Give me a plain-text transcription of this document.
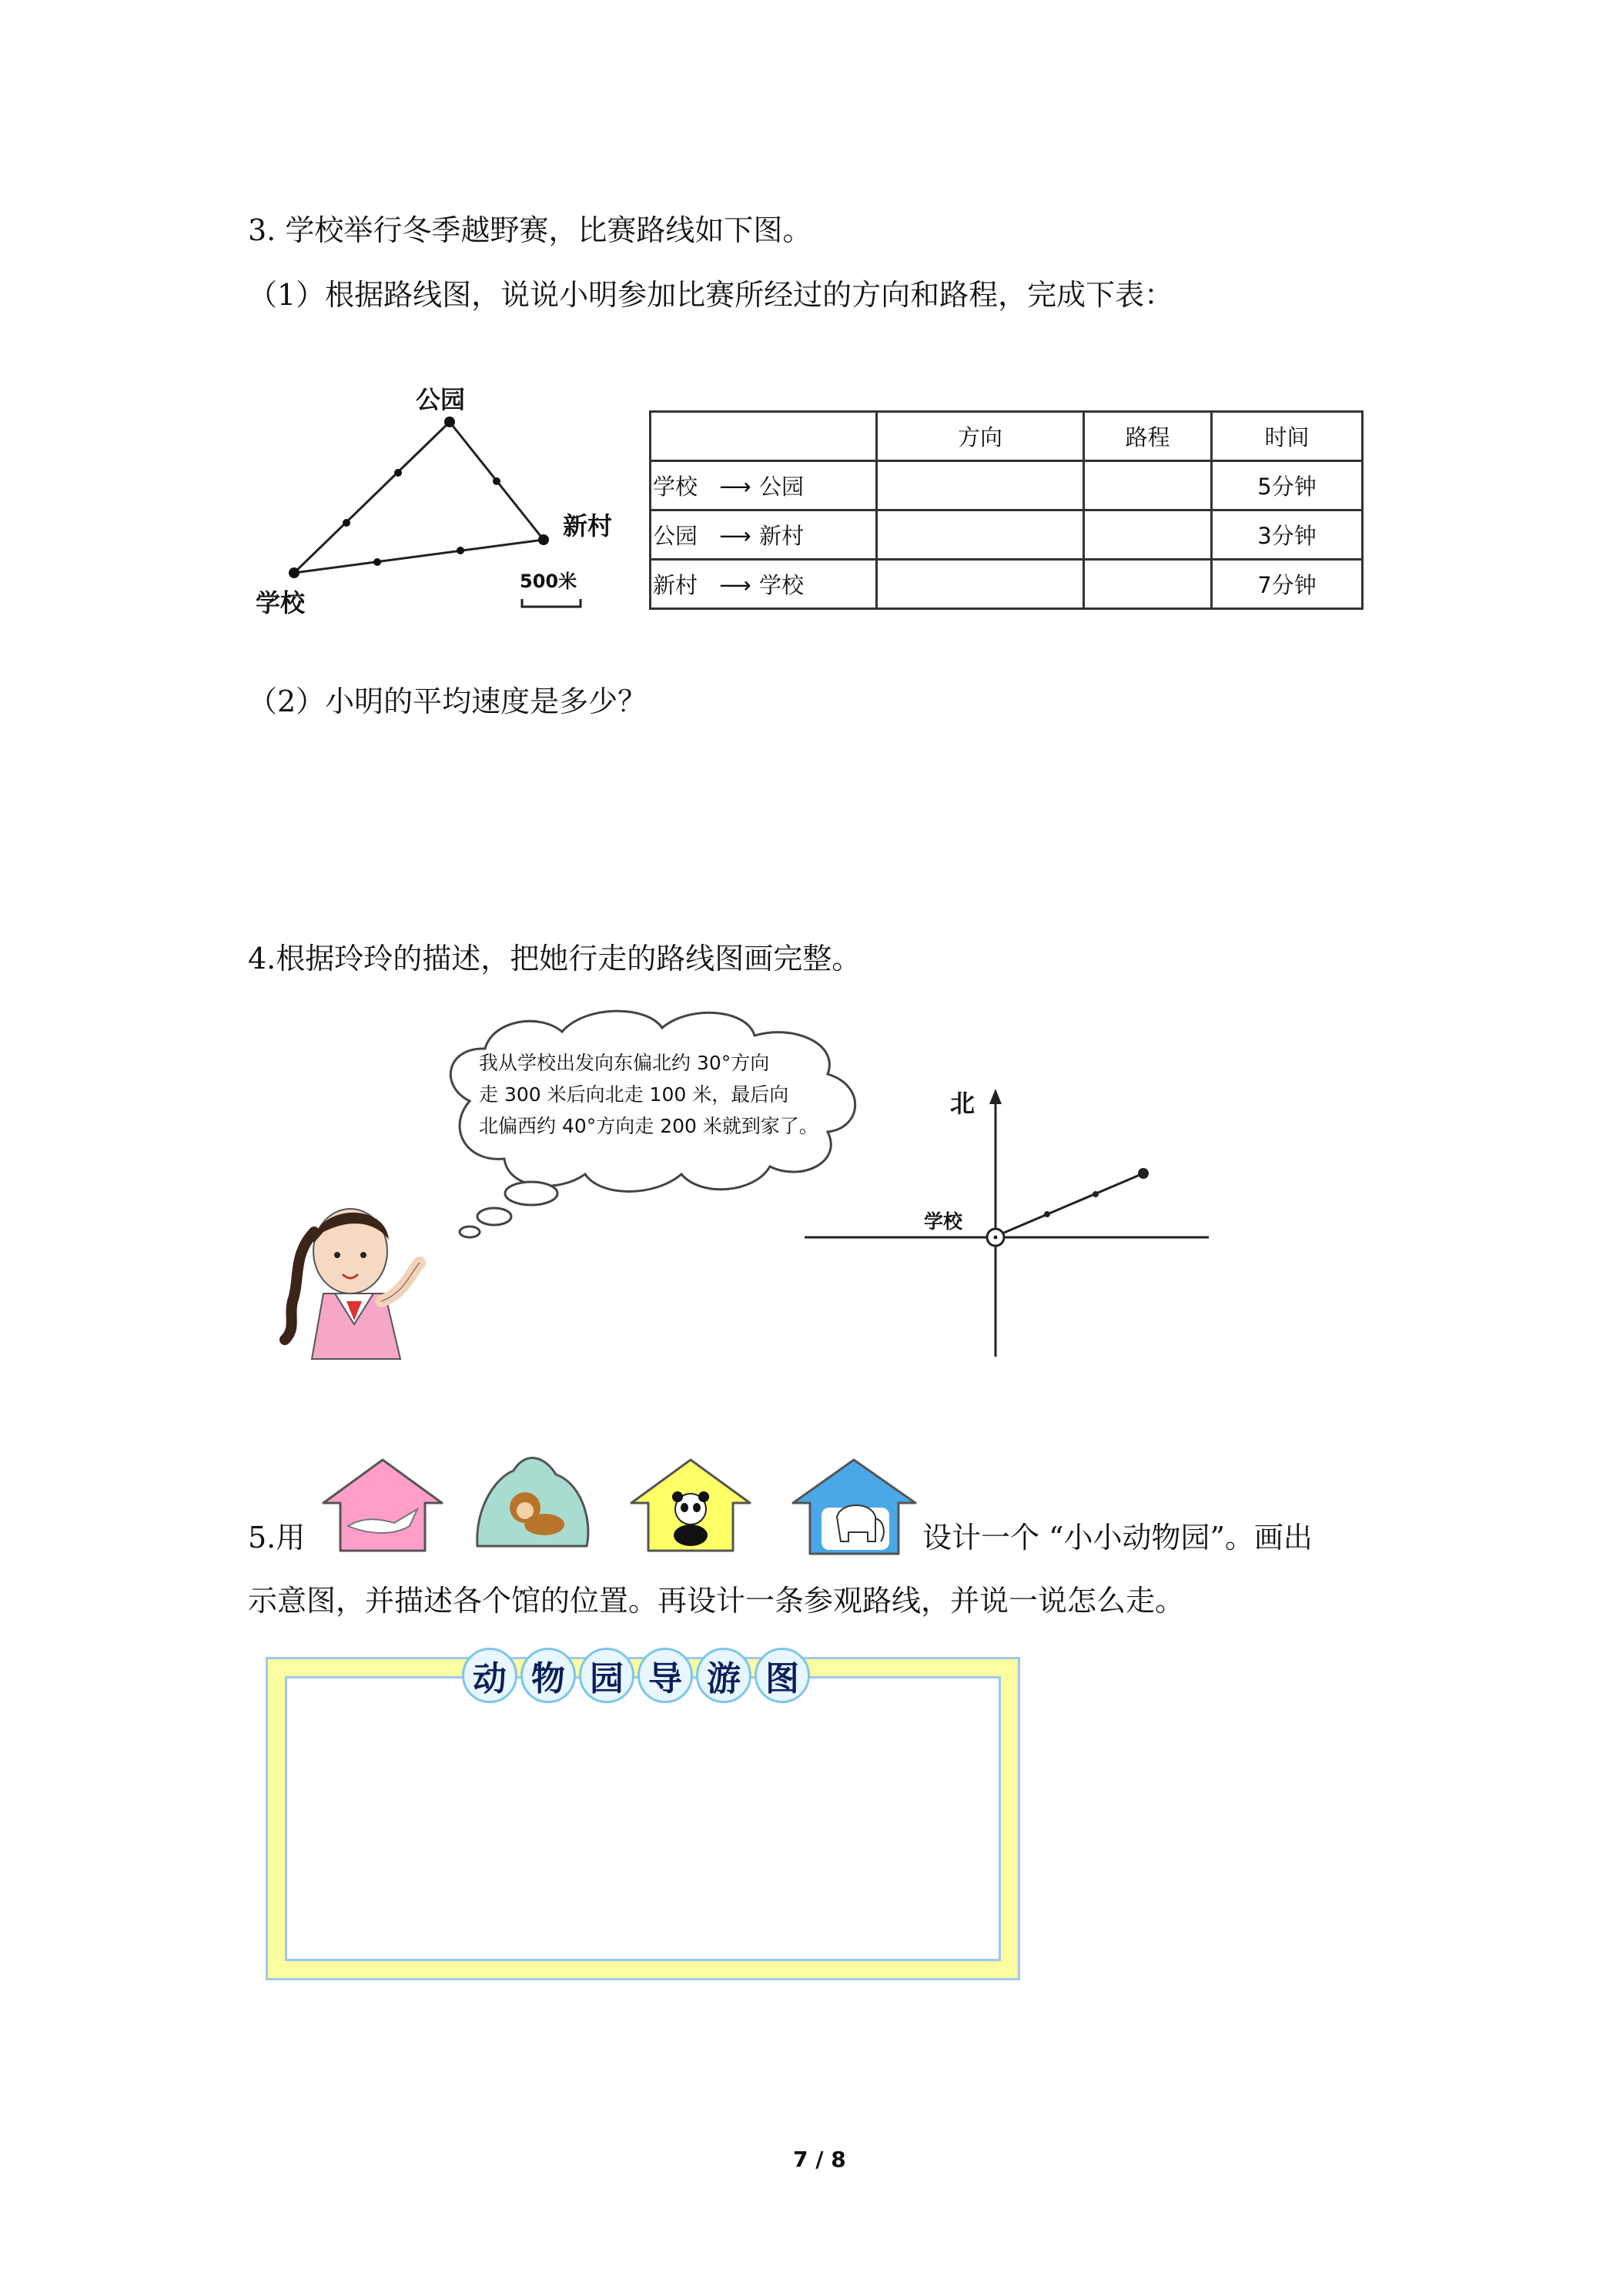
3. 学校举行冬季越野赛，比赛路线如下图。
（1）根据路线图，说说小明参加比赛所经过的方向和路程，完成下表：
公园
新村
学校
500米
	方向	路程	时间
学校 ⟶ 公园			5分钟
公园 ⟶ 新村			3分钟
新村 ⟶ 学校			7分钟
（2）小明的平均速度是多少？
4.根据玲玲的描述，把她行走的路线图画完整。
我从学校出发向东偏北约 30°方向
走 300 米后向北走 100 米，最后向
北偏西约 40°方向走 200 米就到家了。
北
学校
5.用	设计一个 “小小动物园”。画出
示意图，并描述各个馆的位置。再设计一条参观路线，并说一说怎么走。
动 物 园 导 游 图
7 / 8
